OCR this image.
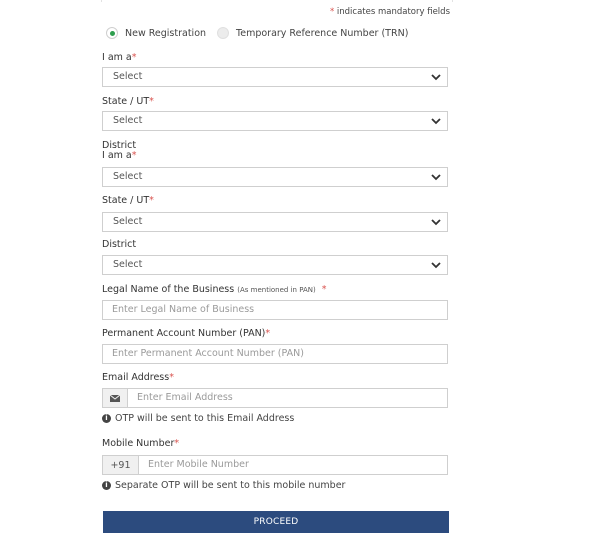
* indicates mandatory fields
New Registration	Temporary Reference Number (TRN)
I am a*
Select
State / UT*
Select
District
I am a*
Select
State / UT*
Select
District
Select
Legal Name of the Business (As mentioned in PAN)  *
Enter Legal Name of Business
Permanent Account Number (PAN)*
Enter Permanent Account Number (PAN)
Email Address*
Enter Email Address
i OTP will be sent to this Email Address
Mobile Number*
+91	Enter Mobile Number
i Separate OTP will be sent to this mobile number
PROCEED
